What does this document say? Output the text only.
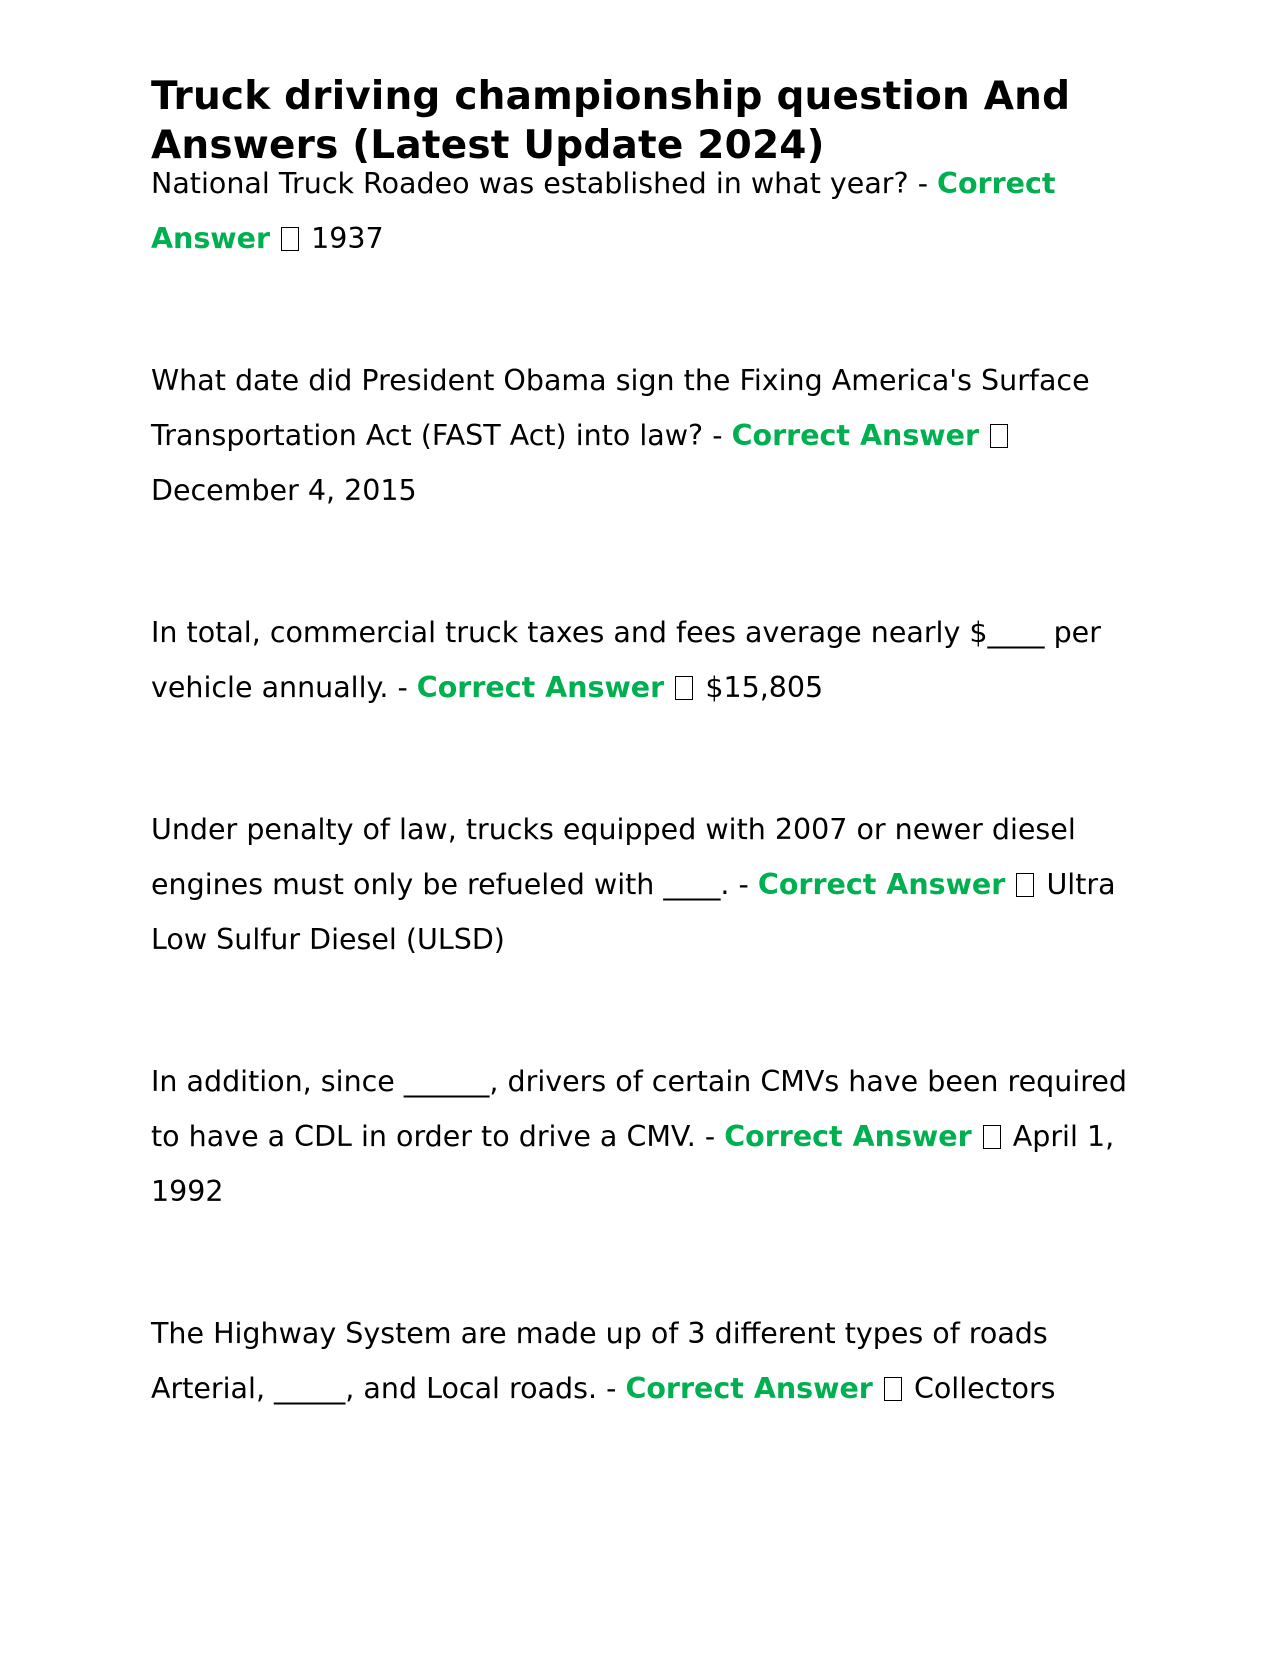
Truck driving championship question And Answers (Latest Update 2024)

National Truck Roadeo was established in what year? - Correct Answer 1937

What date did President Obama sign the Fixing America's Surface Transportation Act (FAST Act) into law? - Correct Answer  December 4, 2015

In total, commercial truck taxes and fees average nearly $____ per vehicle annually. - Correct Answer $15,805

Under penalty of law, trucks equipped with 2007 or newer diesel engines must only be refueled with ____. - Correct Answer Ultra Low Sulfur Diesel (ULSD)

In addition, since ______, drivers of certain CMVs have been required to have a CDL in order to drive a CMV. - Correct Answer April 1, 1992

The Highway System are made up of 3 different types of roads Arterial, _____, and Local roads. - Correct Answer Collectors
